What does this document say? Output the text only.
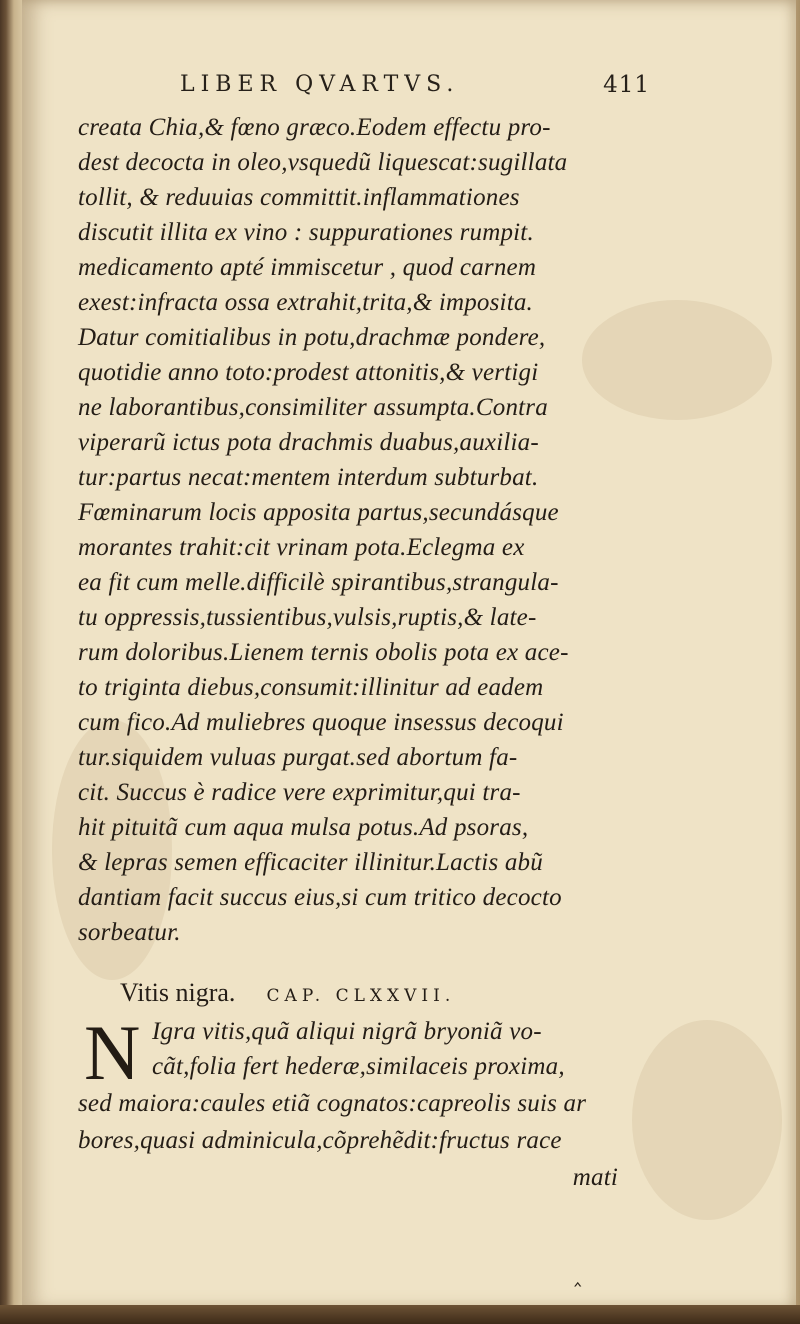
LIBER QVARTVS.	411
creata Chia,& fœno græco.Eodem effectu pro-
dest decocta in oleo,vsquedũ liquescat:sugillata
tollit, & reduuias committit.inflammationes
discutit illita ex vino : suppurationes rumpit.
medicamento apté immiscetur , quod carnem
exest:infracta ossa extrahit,trita,& imposita.
Datur comitialibus in potu,drachmæ pondere,
quotidie anno toto:prodest attonitis,& vertigi
ne laborantibus,consimiliter assumpta.Contra
viperarũ ictus pota drachmis duabus,auxilia-
tur:partus necat:mentem interdum subturbat.
Fœminarum locis apposita partus,secundásque
morantes trahit:cit vrinam pota.Eclegma ex
ea fit cum melle.difficilè spirantibus,strangula-
tu oppressis,tussientibus,vulsis,ruptis,& late-
rum doloribus.Lienem ternis obolis pota ex ace-
to triginta diebus,consumit:illinitur ad eadem
cum fico.Ad muliebres quoque insessus decoqui
tur.siquidem vuluas purgat.sed abortum fa-
cit. Succus è radice vere exprimitur,qui tra-
hit pituitã cum aqua mulsa potus.Ad psoras,
& lepras semen efficaciter illinitur.Lactis abũ
dantiam facit succus eius,si cum tritico decocto
sorbeatur.
Vitis nigra. CAP. CLXXVII.
N Igra vitis,quã aliqui nigrã bryoniã vo-
cãt,folia fert hederæ,similaceis proxima,
sed maiora:caules etiã cognatos:capreolis suis ar
bores,quasi adminicula,cõprehẽdit:fructus race
mati
‸
